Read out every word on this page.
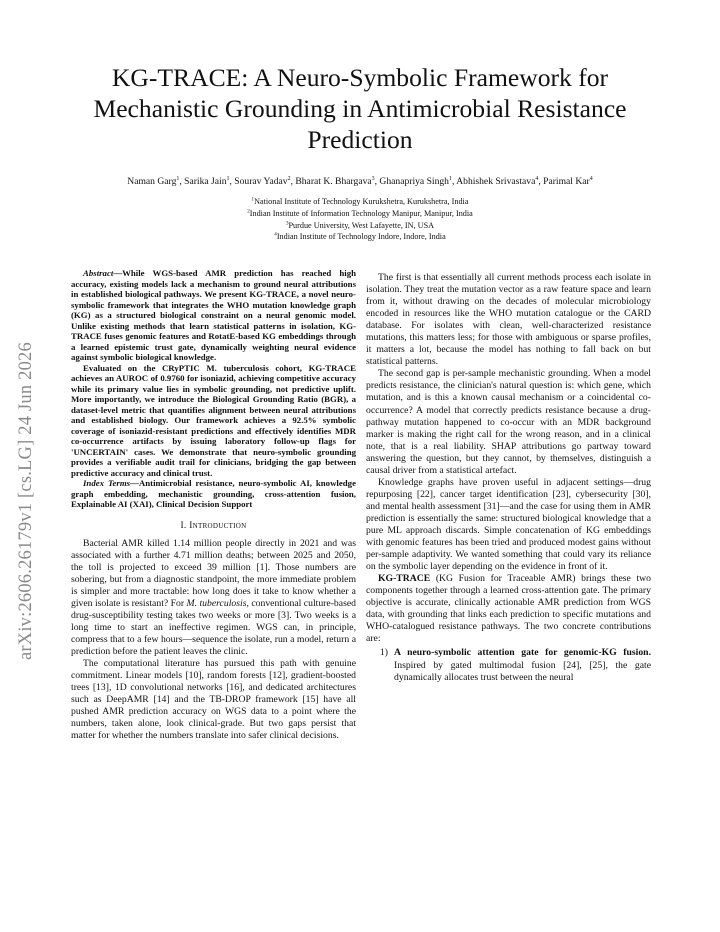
arXiv:2606.26179v1 [cs.LG] 24 Jun 2026
KG-TRACE: A Neuro-Symbolic Framework for Mechanistic Grounding in Antimicrobial Resistance Prediction
Naman Garg$^1$, Sarika Jain$^1$, Sourav Yadav$^2$, Bharat K. Bhargava$^3$, Ghanapriya Singh$^1$, Abhishek Srivastava$^4$, Parimal Kar$^4$
$^1$National Institute of Technology Kurukshetra, Kurukshetra, India
$^2$Indian Institute of Information Technology Manipur, Manipur, India
$^3$Purdue University, West Lafayette, IN, USA
$^4$Indian Institute of Technology Indore, Indore, India

Abstract—While WGS-based AMR prediction has reached high accuracy, existing models lack a mechanism to ground neural attributions in established biological pathways. We present KG-TRACE, a novel neuro-symbolic framework that integrates the WHO mutation knowledge graph (KG) as a structured biological constraint on a neural genomic model. Unlike existing methods that learn statistical patterns in isolation, KG-TRACE fuses genomic features and RotatE-based KG embeddings through a learned epistemic trust gate, dynamically weighting neural evidence against symbolic biological knowledge.

Evaluated on the CRyPTIC M. tuberculosis cohort, KG-TRACE achieves an AUROC of 0.9760 for isoniazid, achieving competitive accuracy while its primary value lies in symbolic grounding, not predictive uplift. More importantly, we introduce the Biological Grounding Ratio (BGR), a dataset-level metric that quantifies alignment between neural attributions and established biology. Our framework achieves a 92.5% symbolic coverage of isoniazid-resistant predictions and effectively identifies MDR co-occurrence artifacts by issuing laboratory follow-up flags for 'UNCERTAIN' cases. We demonstrate that neuro-symbolic grounding provides a verifiable audit trail for clinicians, bridging the gap between predictive accuracy and clinical trust.

Index Terms—Antimicrobial resistance, neuro-symbolic AI, knowledge graph embedding, mechanistic grounding, cross-attention fusion, Explainable AI (XAI), Clinical Decision Support

I. Introduction

Bacterial AMR killed 1.14 million people directly in 2021 and was associated with a further 4.71 million deaths; between 2025 and 2050, the toll is projected to exceed 39 million [1]. Those numbers are sobering, but from a diagnostic standpoint, the more immediate problem is simpler and more tractable: how long does it take to know whether a given isolate is resistant? For M. tuberculosis, conventional culture-based drug-susceptibility testing takes two weeks or more [3]. Two weeks is a long time to start an ineffective regimen. WGS can, in principle, compress that to a few hours—sequence the isolate, run a model, return a prediction before the patient leaves the clinic.

The computational literature has pursued this path with genuine commitment. Linear models [10], random forests [12], gradient-boosted trees [13], 1D convolutional networks [16], and dedicated architectures such as DeepAMR [14] and the TB-DROP framework [15] have all pushed AMR prediction accuracy on WGS data to a point where the numbers, taken alone, look clinical-grade. But two gaps persist that matter for whether the numbers translate into safer clinical decisions.

The first is that essentially all current methods process each isolate in isolation. They treat the mutation vector as a raw feature space and learn from it, without drawing on the decades of molecular microbiology encoded in resources like the WHO mutation catalogue or the CARD database. For isolates with clean, well-characterized resistance mutations, this matters less; for those with ambiguous or sparse profiles, it matters a lot, because the model has nothing to fall back on but statistical patterns.

The second gap is per-sample mechanistic grounding. When a model predicts resistance, the clinician's natural question is: which gene, which mutation, and is this a known causal mechanism or a coincidental co-occurrence? A model that correctly predicts resistance because a drug-pathway mutation happened to co-occur with an MDR background marker is making the right call for the wrong reason, and in a clinical note, that is a real liability. SHAP attributions go partway toward answering the question, but they cannot, by themselves, distinguish a causal driver from a statistical artefact.

Knowledge graphs have proven useful in adjacent settings—drug repurposing [22], cancer target identification [23], cybersecurity [30], and mental health assessment [31]—and the case for using them in AMR prediction is essentially the same: structured biological knowledge that a pure ML approach discards. Simple concatenation of KG embeddings with genomic features has been tried and produced modest gains without per-sample adaptivity. We wanted something that could vary its reliance on the symbolic layer depending on the evidence in front of it.

KG-TRACE (KG Fusion for Traceable AMR) brings these two components together through a learned cross-attention gate. The primary objective is accurate, clinically actionable AMR prediction from WGS data, with grounding that links each prediction to specific mutations and WHO-catalogued resistance pathways. The two concrete contributions are:

1) A neuro-symbolic attention gate for genomic-KG fusion. Inspired by gated multimodal fusion [24], [25], the gate dynamically allocates trust between the neural
